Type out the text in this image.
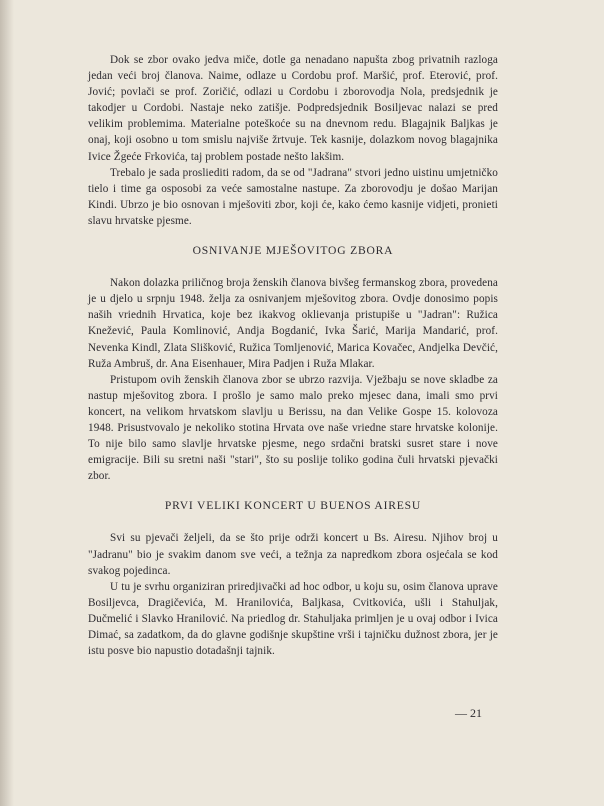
Dok se zbor ovako jedva miče, dotle ga nenadano napušta zbog privatnih razloga jedan veći broj članova. Naime, odlaze u Cordobu prof. Maršić, prof. Eterović, prof. Jović; povlači se prof. Zoričić, odlazi u Cordobu i zborovodja Nola, predsjednik je takodjer u Cordobi. Nastaje neko zatišje. Podpredsjednik Bosiljevac nalazi se pred velikim problemima. Materialne poteškoće su na dnevnom redu. Blagajnik Baljkas je onaj, koji osobno u tom smislu najviše žrtvuje. Tek kasnije, dolazkom novog blagajnika Ivice Žgeće Frkovića, taj problem postade nešto lakšim.

Trebalo je sada prosliediti radom, da se od "Jadrana" stvori jedno uistinu umjetničko tielo i time ga osposobi za veće samostalne nastupe. Za zborovodju je došao Marijan Kindi. Ubrzo je bio osnovan i mješoviti zbor, koji će, kako ćemo kasnije vidjeti, pronieti slavu hrvatske pjesme.

OSNIVANJE MJEŠOVITOG ZBORA

Nakon dolazka priličnog broja ženskih članova bivšeg fermanskog zbora, provedena je u djelo u srpnju 1948. želja za osnivanjem mješovitog zbora. Ovdje donosimo popis naših vriednih Hrvatica, koje bez ikakvog oklievanja pristupiše u "Jadran": Ružica Knežević, Paula Komlinović, Andja Bogdanić, Ivka Šarić, Marija Mandarić, prof. Nevenka Kindl, Zlata Slišković, Ružica Tomljenović, Marica Kovačec, Andjelka Devčić, Ruža Ambruš, dr. Ana Eisenhauer, Mira Padjen i Ruža Mlakar.

Pristupom ovih ženskih članova zbor se ubrzo razvija. Vježbaju se nove skladbe za nastup mješovitog zbora. I prošlo je samo malo preko mjesec dana, imali smo prvi koncert, na velikom hrvatskom slavlju u Berissu, na dan Velike Gospe 15. kolovoza 1948. Prisustvovalo je nekoliko stotina Hrvata ove naše vriedne stare hrvatske kolonije. To nije bilo samo slavlje hrvatske pjesme, nego srdačni bratski susret stare i nove emigracije. Bili su sretni naši "stari", što su poslije toliko godina čuli hrvatski pjevački zbor.

PRVI VELIKI KONCERT U BUENOS AIRESU

Svi su pjevači željeli, da se što prije održi koncert u Bs. Airesu. Njihov broj u "Jadranu" bio je svakim danom sve veći, a težnja za napredkom zbora osjećala se kod svakog pojedinca.

U tu je svrhu organiziran priredjivački ad hoc odbor, u koju su, osim članova uprave Bosiljevca, Dragičevića, M. Hranilovića, Baljkasa, Cvitkovića, ušli i Stahuljak, Dučmelić i Slavko Hranilović. Na priedlog dr. Stahuljaka primljen je u ovaj odbor i Ivica Dimać, sa zadatkom, da do glavne godišnje skupštine vrši i tajničku dužnost zbora, jer je istu posve bio napustio dotadašnji tajnik.

— 21
